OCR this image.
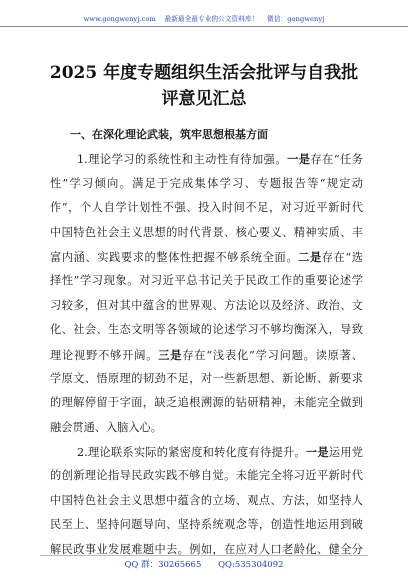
www.gongwenyj.com 最新最全最专业的公文资料库！ 微信：gongwenyj
2025 年度专题组织生活会批评与自我批
评意见汇总
一、在深化理论武装，筑牢思想根基方面
1.理论学习的系统性和主动性有待加强。一是存在“任务
性”学习倾向。满足于完成集体学习、专题报告等“规定动
作”，个人自学计划性不强、投入时间不足，对习近平新时代
中国特色社会主义思想的时代背景、核心要义、精神实质、丰
富内涵、实践要求的整体性把握不够系统全面。二是存在“选
择性”学习现象。对习近平总书记关于民政工作的重要论述学
习较多，但对其中蕴含的世界观、方法论以及经济、政治、文
化、社会、生态文明等各领域的论述学习不够均衡深入，导致
理论视野不够开阔。三是存在“浅表化”学习问题。读原著、
学原文、悟原理的韧劲不足，对一些新思想、新论断、新要求
的理解停留于字面，缺乏追根溯源的钻研精神，未能完全做到
融会贯通、入脑入心。
2.理论联系实际的紧密度和转化度有待提升。一是运用党
的创新理论指导民政实践不够自觉。未能完全将习近平新时代
中国特色社会主义思想中蕴含的立场、观点、方法，如坚持人
民至上、坚持问题导向、坚持系统观念等，创造性地运用到破
解民政事业发展难题中去。例如，在应对人口老龄化、健全分
QQ 群：30265665 QQ:535304092
